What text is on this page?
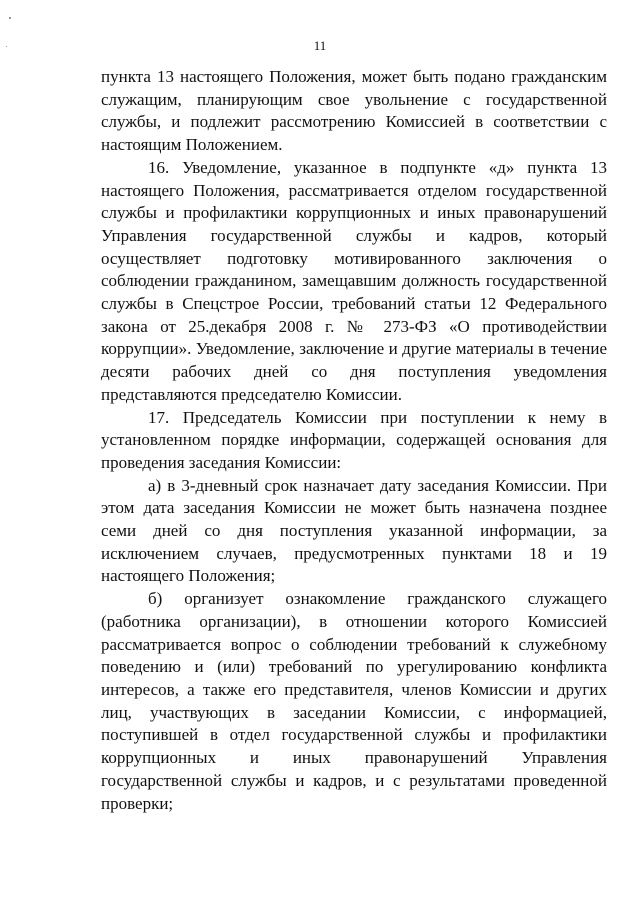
11

пункта 13 настоящего Положения, может быть подано гражданским служащим, планирующим свое увольнение с государственной службы, и подлежит рассмотрению Комиссией в соответствии с настоящим Положением.

16. Уведомление, указанное в подпункте «д» пункта 13 настоящего Положения, рассматривается отделом государственной службы и профилактики коррупционных и иных правонарушений Управления государственной службы и кадров, который осуществляет подготовку мотивированного заключения о соблюдении гражданином, замещавшим должность государственной службы в Спецстрое России, требований статьи 12 Федерального закона от 25.декабря 2008 г. № 273-ФЗ «О противодействии коррупции». Уведомление, заключение и другие материалы в течение десяти рабочих дней со дня поступления уведомления представляются председателю Комиссии.

17. Председатель Комиссии при поступлении к нему в установленном порядке информации, содержащей основания для проведения заседания Комиссии:

а) в 3-дневный срок назначает дату заседания Комиссии. При этом дата заседания Комиссии не может быть назначена позднее семи дней со дня поступления указанной информации, за исключением случаев, предусмотренных пунктами 18 и 19 настоящего Положения;

б) организует ознакомление гражданского служащего (работника организации), в отношении которого Комиссией рассматривается вопрос о соблюдении требований к служебному поведению и (или) требований по урегулированию конфликта интересов, а также его представителя, членов Комиссии и других лиц, участвующих в заседании Комиссии, с информацией, поступившей в отдел государственной службы и профилактики коррупционных и иных правонарушений Управления государственной службы и кадров, и с результатами проведенной проверки;
